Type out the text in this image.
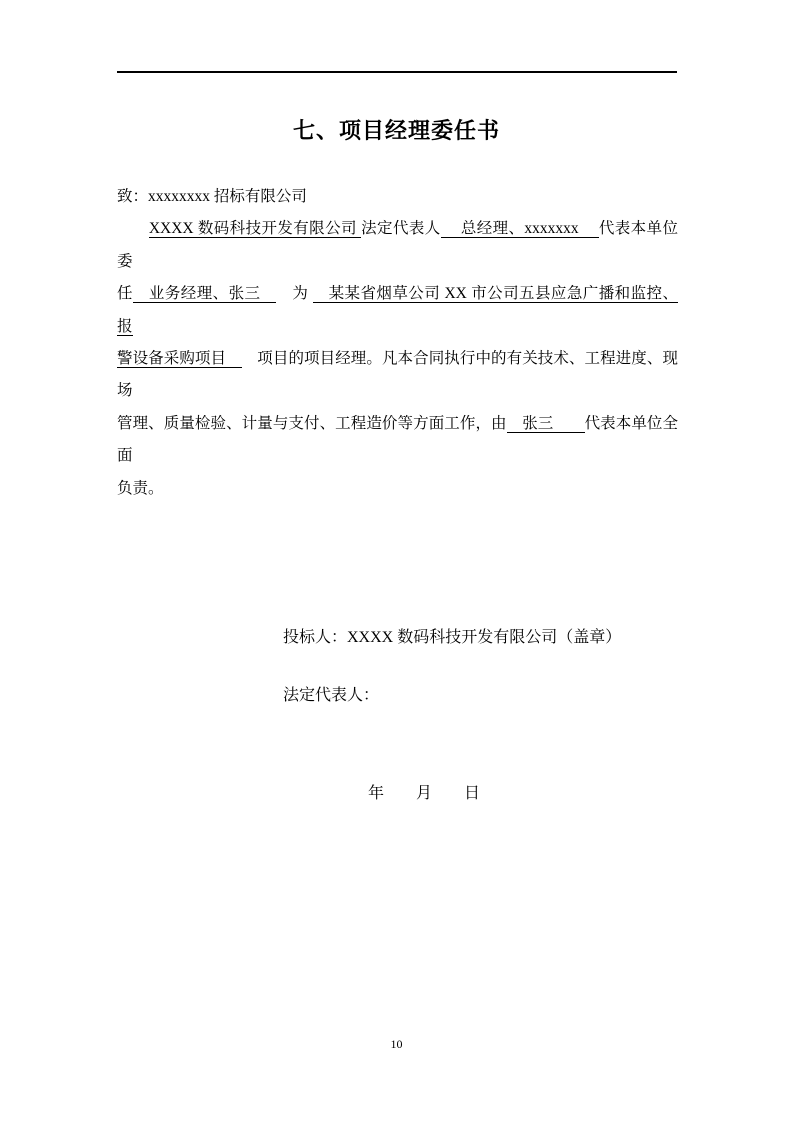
七、项目经理委任书
致：xxxxxxxx 招标有限公司
　　XXXX 数码科技开发有限公司 法定代表人　 总经理、xxxxxxx 　代表本单位委
任　业务经理、张三　　为 　某某省烟草公司 XX 市公司五县应急广播和监控、报
警设备采购项目　　项目的项目经理。凡本合同执行中的有关技术、工程进度、现场
管理、质量检验、计量与支付、工程造价等方面工作，由　张三　　代表本单位全面
负责。
投标人：XXXX 数码科技开发有限公司（盖章）
法定代表人：
年　　月　　日
10
